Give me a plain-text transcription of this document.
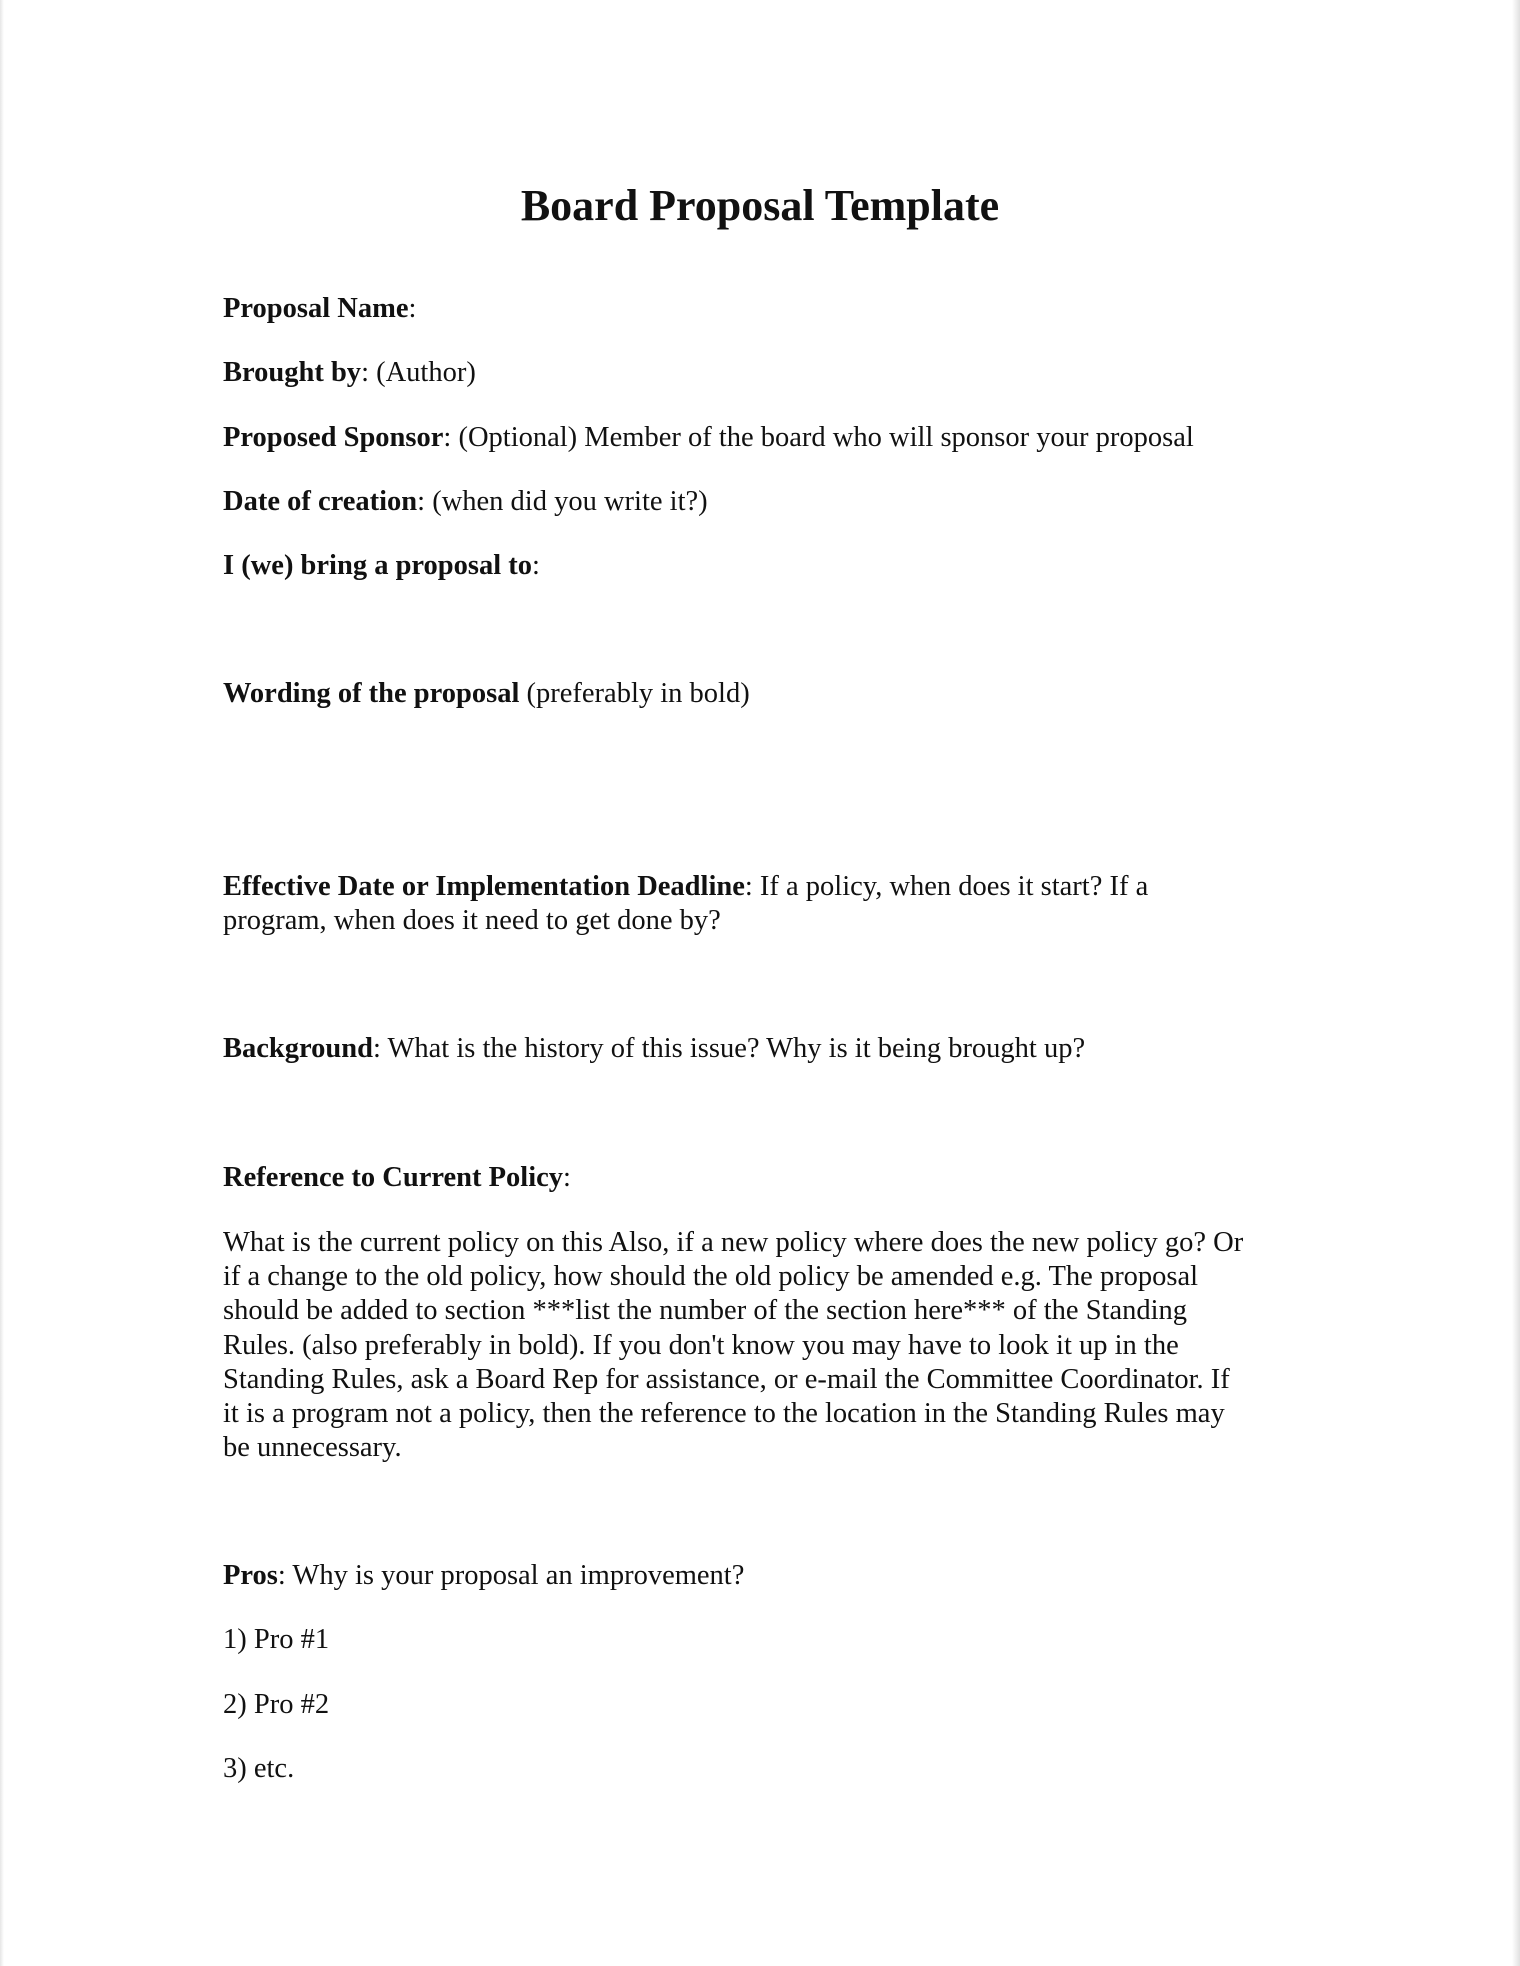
Board Proposal Template

Proposal Name:

Brought by: (Author)

Proposed Sponsor: (Optional) Member of the board who will sponsor your proposal

Date of creation: (when did you write it?)

I (we) bring a proposal to:

Wording of the proposal (preferably in bold)

Effective Date or Implementation Deadline: If a policy, when does it start? If a
program, when does it need to get done by?

Background: What is the history of this issue? Why is it being brought up?

Reference to Current Policy:

What is the current policy on this Also, if a new policy where does the new policy go? Or
if a change to the old policy, how should the old policy be amended e.g. The proposal
should be added to section ***list the number of the section here*** of the Standing
Rules. (also preferably in bold). If you don't know you may have to look it up in the
Standing Rules, ask a Board Rep for assistance, or e-mail the Committee Coordinator. If
it is a program not a policy, then the reference to the location in the Standing Rules may
be unnecessary.

Pros: Why is your proposal an improvement?

1) Pro #1

2) Pro #2

3) etc.
